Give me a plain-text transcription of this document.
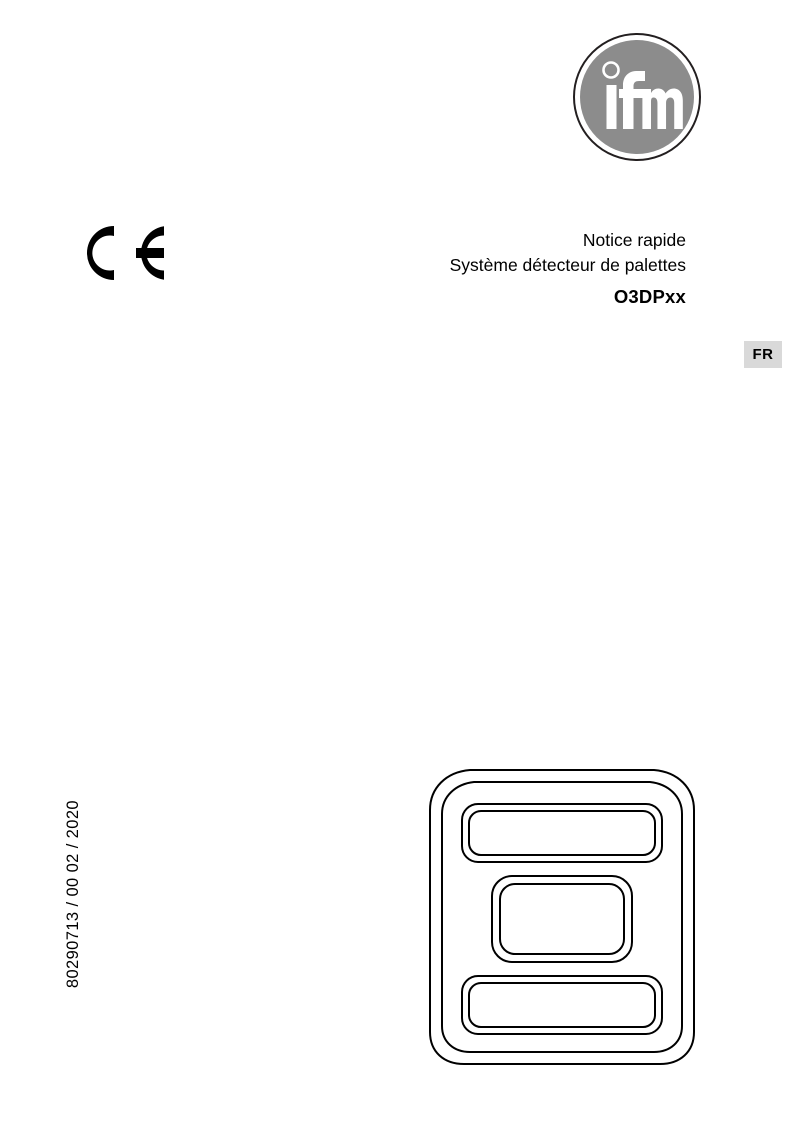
Notice rapide
Système détecteur de palettes
O3DPxx
FR
80290713 / 00 02 / 2020
